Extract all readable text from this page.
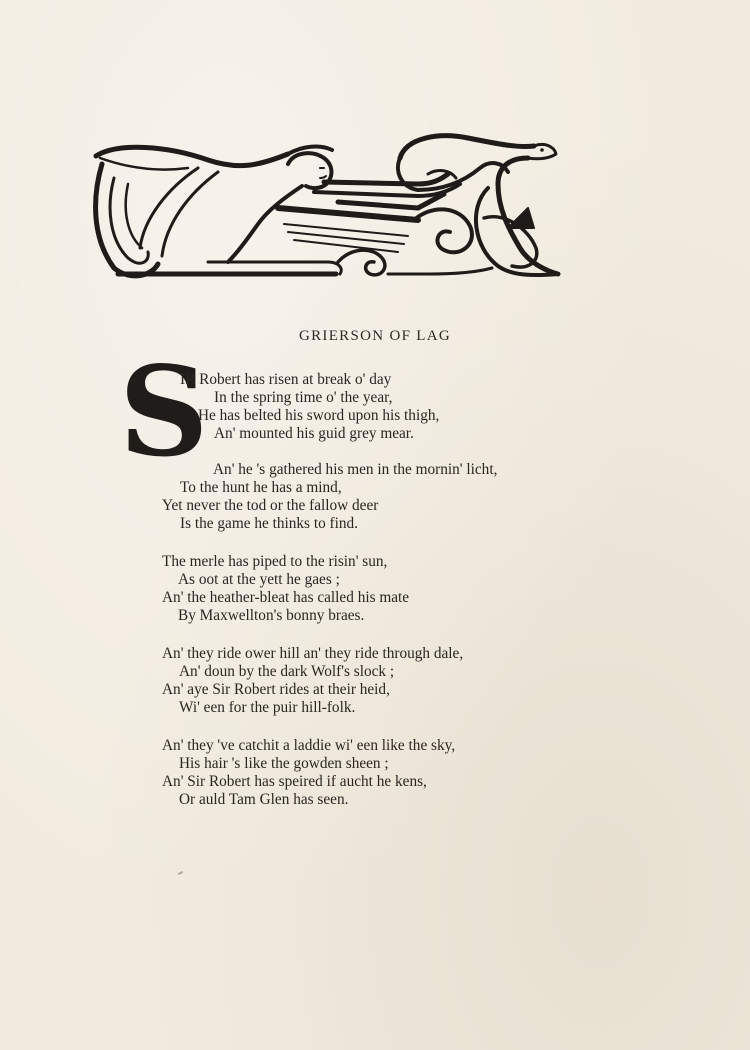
GRIERSON OF LAG
S
IR Robert has risen at break o' day
In the spring time o' the year,
He has belted his sword upon his thigh,
An' mounted his guid grey mear.
An' he 's gathered his men in the mornin' licht,
To the hunt he has a mind,
Yet never the tod or the fallow deer
Is the game he thinks to find.
The merle has piped to the risin' sun,
As oot at the yett he gaes ;
An' the heather-bleat has called his mate
By Maxwellton's bonny braes.
An' they ride ower hill an' they ride through dale,
An' doun by the dark Wolf's slock ;
An' aye Sir Robert rides at their heid,
Wi' een for the puir hill-folk.
An' they 've catchit a laddie wi' een like the sky,
His hair 's like the gowden sheen ;
An' Sir Robert has speired if aucht he kens,
Or auld Tam Glen has seen.
